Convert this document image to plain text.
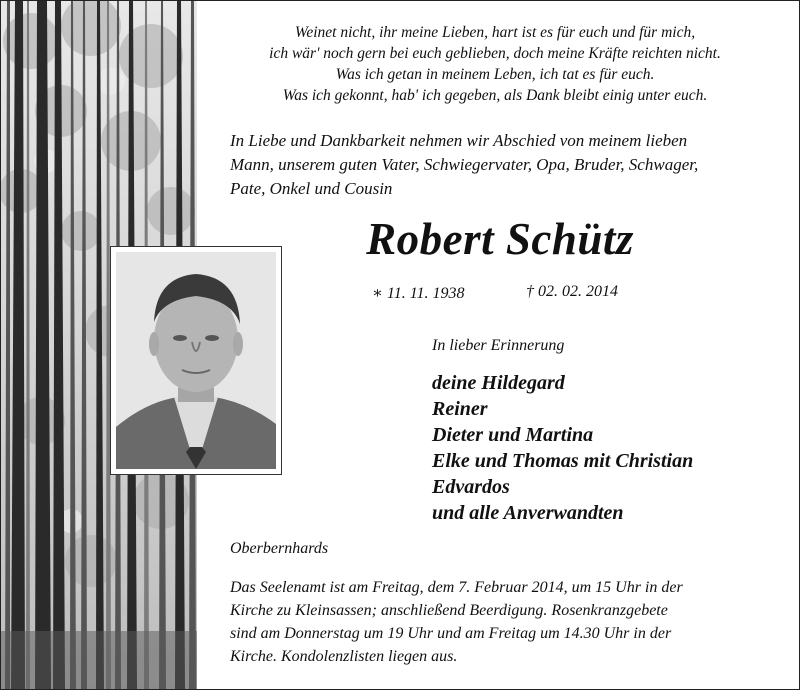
Weinet nicht, ihr meine Lieben, hart ist es für euch und für mich,
ich wär' noch gern bei euch geblieben, doch meine Kräfte reichten nicht.
Was ich getan in meinem Leben, ich tat es für euch.
Was ich gekonnt, hab' ich gegeben, als Dank bleibt einig unter euch.
In Liebe und Dankbarkeit nehmen wir Abschied von meinem lieben
Mann, unserem guten Vater, Schwiegervater, Opa, Bruder, Schwager,
Pate, Onkel und Cousin
Robert Schütz
∗ 11. 11. 1938	† 02. 02. 2014
In lieber Erinnerung
deine Hildegard
Reiner
Dieter und Martina
Elke und Thomas mit Christian
Edvardos
und alle Anverwandten
Oberbernhards
Das Seelenamt ist am Freitag, dem 7. Februar 2014, um 15 Uhr in der
Kirche zu Kleinsassen; anschließend Beerdigung. Rosenkranzgebete
sind am Donnerstag um 19 Uhr und am Freitag um 14.30 Uhr in der
Kirche. Kondolenzlisten liegen aus.
